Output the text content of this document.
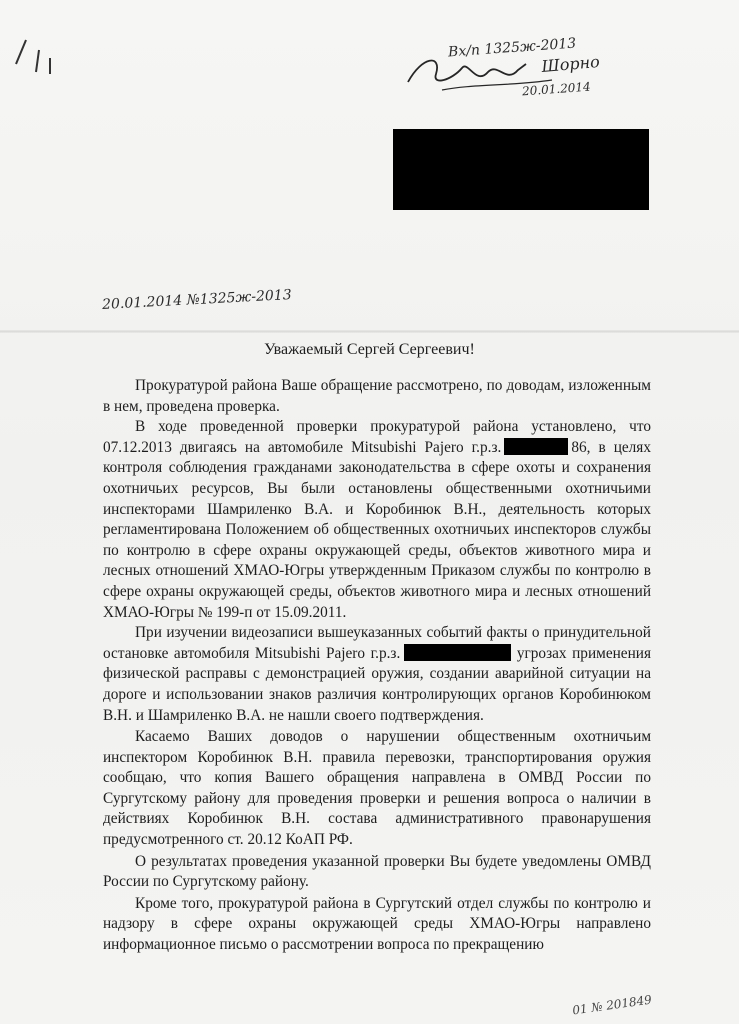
Вх/п 1325ж-2013
Шорно
20.01.2014
20.01.2014 №1325ж-2013
Уважаемый Сергей Сергеевич!

Прокуратурой района Ваше обращение рассмотрено, по доводам, изложенным в нем, проведена проверка.

В ходе проведенной проверки прокуратурой района установлено, что 07.12.2013 двигаясь на автомобиле Mitsubishi Pajero г.р.з.	86, в целях контроля соблюдения гражданами законодательства в сфере охоты и сохранения охотничьих ресурсов, Вы были остановлены общественными охотничьими инспекторами Шамриленко В.А. и Коробинюк В.Н., деятельность которых регламентирована Положением об общественных охотничьих инспекторов службы по контролю в сфере охраны окружающей среды, объектов животного мира и лесных отношений ХМАО-Югры утвержденным Приказом службы по контролю в сфере охраны окружающей среды, объектов животного мира и лесных отношений ХМАО-Югры № 199-п от 15.09.2011.

При изучении видеозаписи вышеуказанных событий факты о принудительной остановке автомобиля Mitsubishi Pajero г.р.з.	угрозах применения физической расправы с демонстрацией оружия, создании аварийной ситуации на дороге и использовании знаков различия контролирующих органов Коробинюком В.Н. и Шамриленко В.А. не нашли своего подтверждения.

Касаемо Ваших доводов о нарушении общественным охотничьим инспектором Коробинюк В.Н. правила перевозки, транспортирования оружия сообщаю, что копия Вашего обращения направлена в ОМВД России по Сургутскому району для проведения проверки и решения вопроса о наличии в действиях Коробинюк В.Н. состава административного правонарушения предусмотренного ст. 20.12 КоАП РФ.

О результатах проведения указанной проверки Вы будете уведомлены ОМВД России по Сургутскому району.

Кроме того, прокуратурой района в Сургутский отдел службы по контролю и надзору в сфере охраны окружающей среды ХМАО-Югры направлено информационное письмо о рассмотрении вопроса по прекращению

01 № 201849
